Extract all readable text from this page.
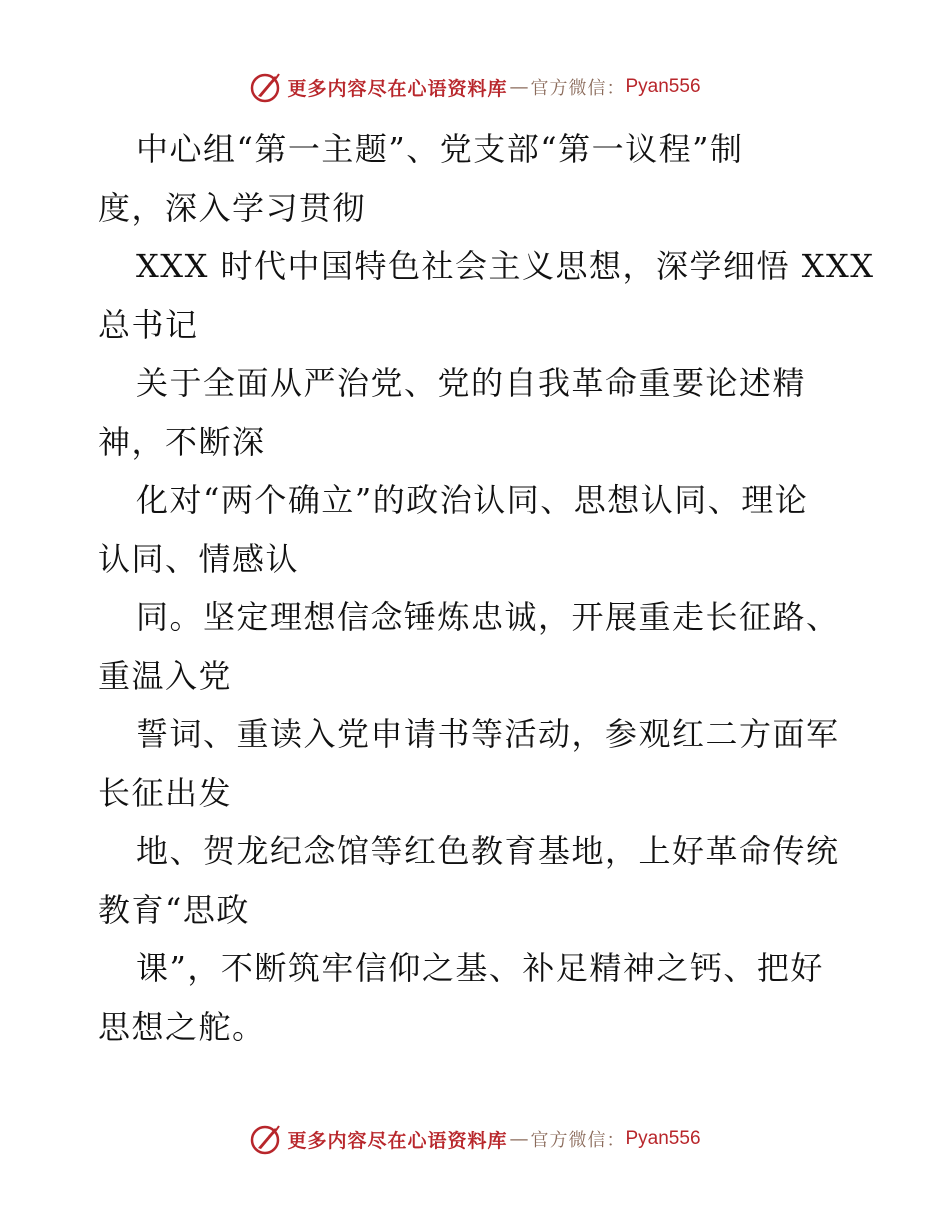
更多内容尽在心语资料库 — 官方微信： Pyan556
中心组“第一主题”、党支部“第一议程”制
度，深入学习贯彻
XXX 时代中国特色社会主义思想，深学细悟 XXX
总书记
关于全面从严治党、党的自我革命重要论述精
神，不断深
化对“两个确立”的政治认同、思想认同、理论
认同、情感认
同。坚定理想信念锤炼忠诚，开展重走长征路、
重温入党
誓词、重读入党申请书等活动，参观红二方面军
长征出发
地、贺龙纪念馆等红色教育基地，上好革命传统
教育“思政
课”，不断筑牢信仰之基、补足精神之钙、把好
思想之舵。
更多内容尽在心语资料库 — 官方微信： Pyan556
